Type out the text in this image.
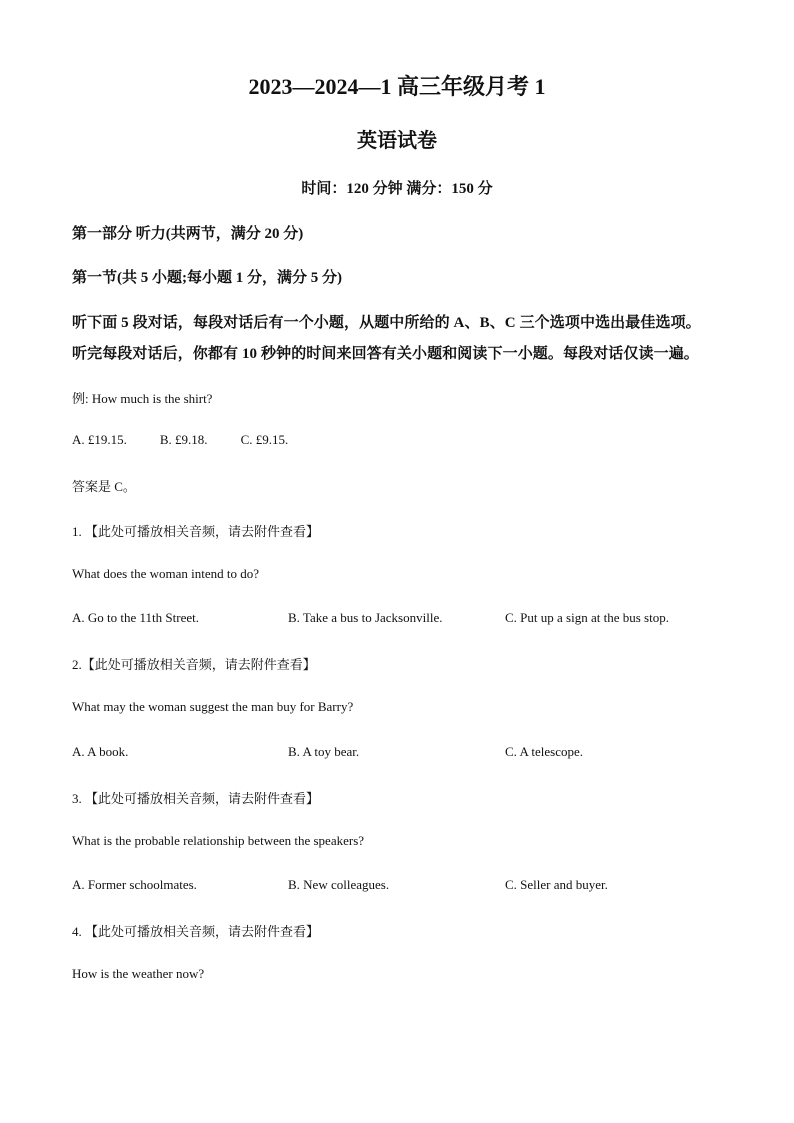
2023—2024—1 高三年级月考 1
英语试卷
时间：120 分钟 满分：150 分
第一部分 听力(共两节，满分 20 分)
第一节(共 5 小题;每小题 1 分，满分 5 分)
听下面 5 段对话，每段对话后有一个小题，从题中所给的 A、B、C 三个选项中选出最佳选项。
听完每段对话后，你都有 10 秒钟的时间来回答有关小题和阅读下一小题。每段对话仅读一遍。
例: How much is the shirt?
A. £19.15.	B. £9.18.	C. £9.15.
答案是 C。
1. 【此处可播放相关音频，请去附件查看】
What does the woman intend to do?
A. Go to the 11th Street.	B. Take a bus to Jacksonville.	C. Put up a sign at the bus stop.
2.【此处可播放相关音频，请去附件查看】
What may the woman suggest the man buy for Barry?
A. A book.	B. A toy bear.	C. A telescope.
3. 【此处可播放相关音频，请去附件查看】
What is the probable relationship between the speakers?
A. Former schoolmates.	B. New colleagues.	C. Seller and buyer.
4. 【此处可播放相关音频，请去附件查看】
How is the weather now?
